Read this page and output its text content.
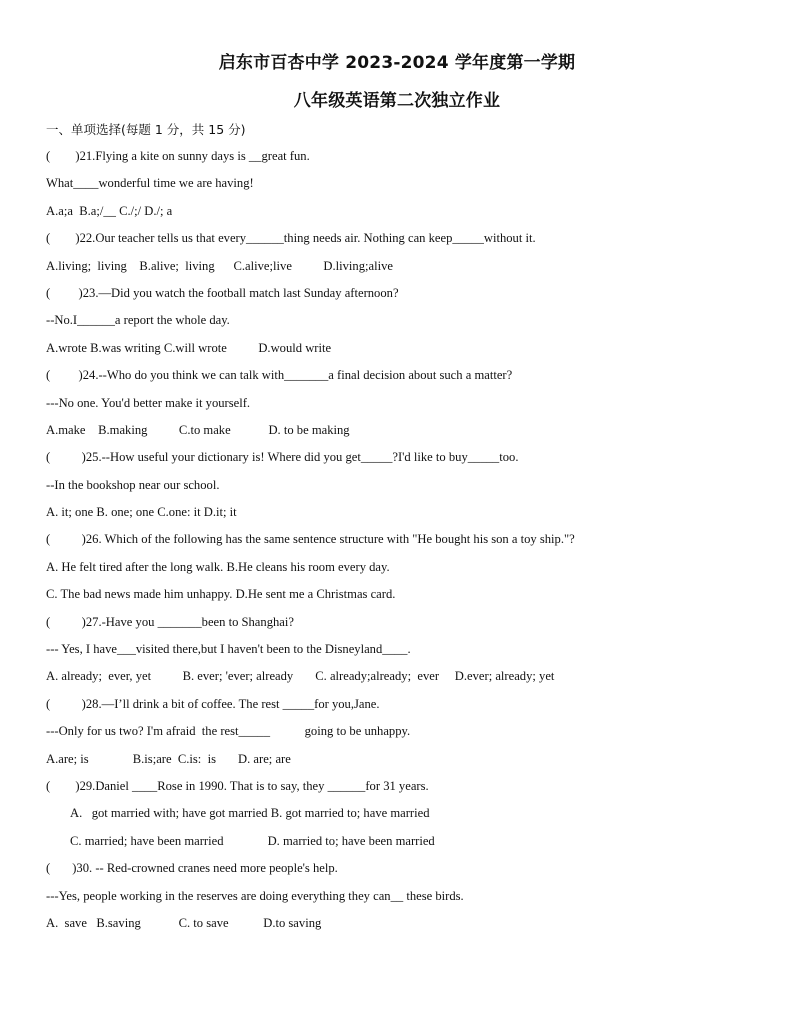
启东市百杏中学 2023-2024 学年度第一学期
八年级英语第二次独立作业
一、单项选择(每题 1 分，共 15 分)
(        )21.Flying a kite on sunny days is __great fun.
What____wonderful time we are having!
A.a;a  B.a;/__ C./;/ D./; a
(        )22.Our teacher tells us that every______thing needs air. Nothing can keep_____without it.
A.living;  living    B.alive;  living      C.alive;live          D.living;alive
(         )23.—Did you watch the football match last Sunday afternoon?
--No.I______a report the whole day.
A.wrote B.was writing C.will wrote          D.would write
(         )24.--Who do you think we can talk with_______a final decision about such a matter?
---No one. You'd better make it yourself.
A.make    B.making          C.to make            D. to be making
(          )25.--How useful your dictionary is! Where did you get_____?I'd like to buy_____too.
--In the bookshop near our school.
A. it; one B. one; one C.one: it D.it; it
(          )26. Which of the following has the same sentence structure with "He bought his son a toy ship."?
A. He felt tired after the long walk. B.He cleans his room every day.
C. The bad news made him unhappy. D.He sent me a Christmas card.
(          )27.-Have you _______been to Shanghai?
--- Yes, I have___visited there,but I haven't been to the Disneyland____.
A. already;  ever, yet          B. ever; 'ever; already       C. already;already;  ever     D.ever; already; yet
(          )28.—I’ll drink a bit of coffee. The rest _____for you,Jane.
---Only for us two? I'm afraid  the rest_____           going to be unhappy.
A.are; is              B.is;are  C.is:  is       D. are; are
(        )29.Daniel ____Rose in 1990. That is to say, they ______for 31 years.
A.   got married with; have got married B. got married to; have married
C. married; have been married              D. married to; have been married
(       )30. -- Red-crowned cranes need more people's help.
---Yes, people working in the reserves are doing everything they can__ these birds.
A.  save   B.saving            C. to save           D.to saving
